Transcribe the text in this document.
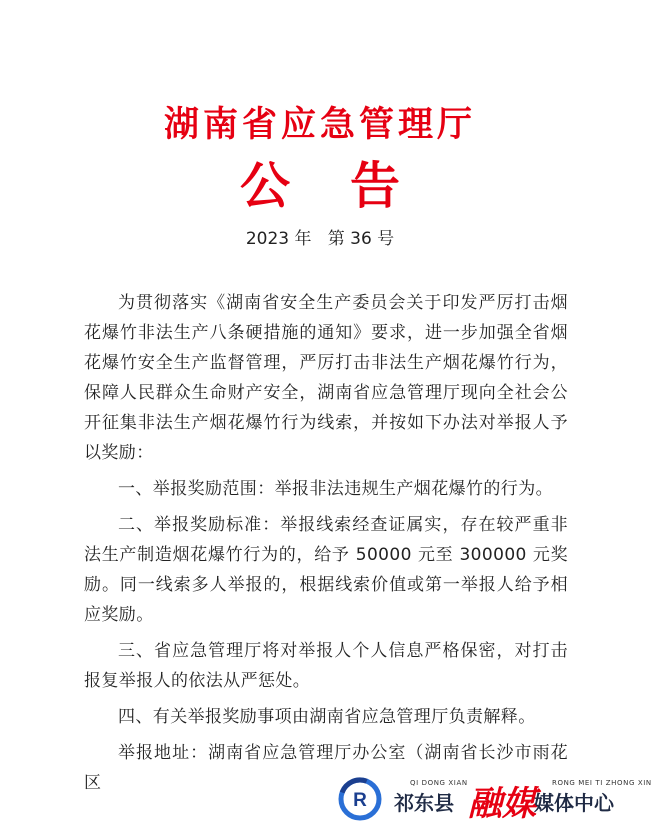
湖南省应急管理厅
公告
2023 年 第 36 号

为贯彻落实《湖南省安全生产委员会关于印发严厉打击烟花爆竹非法生产八条硬措施的通知》要求，进一步加强全省烟花爆竹安全生产监督管理，严厉打击非法生产烟花爆竹行为，保障人民群众生命财产安全，湖南省应急管理厅现向全社会公开征集非法生产烟花爆竹行为线索，并按如下办法对举报人予以奖励：

一、举报奖励范围：举报非法违规生产烟花爆竹的行为。

二、举报奖励标准：举报线索经查证属实，存在较严重非法生产制造烟花爆竹行为的，给予 50000 元至 300000 元奖励。同一线索多人举报的，根据线索价值或第一举报人给予相应奖励。

三、省应急管理厅将对举报人个人信息严格保密，对打击报复举报人的依法从严惩处。

四、有关举报奖励事项由湖南省应急管理厅负责解释。

举报地址：湖南省应急管理厅办公室（湖南省长沙市雨花区

R
QI DONG XIAN
祁东县 融媒
RONG MEI TI ZHONG XIN
媒体中心
